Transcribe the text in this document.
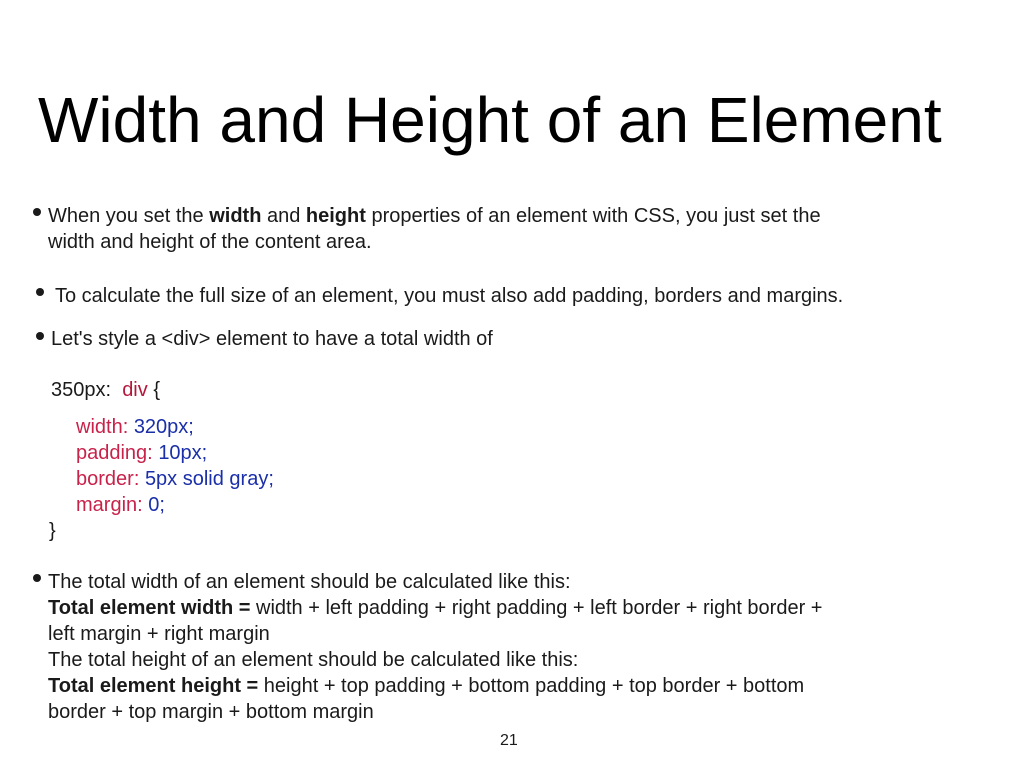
Width and Height of an Element
When you set the width and height properties of an element with CSS, you just set the
width and height of the content area.
To calculate the full size of an element, you must also add padding, borders and margins.
Let's style a <div> element to have a total width of
350px: div {
width: 320px;
padding: 10px;
border: 5px solid gray;
margin: 0;
}
The total width of an element should be calculated like this:
Total element width = width + left padding + right padding + left border + right border +
left margin + right margin
The total height of an element should be calculated like this:
Total element height = height + top padding + bottom padding + top border + bottom
border + top margin + bottom margin
21
